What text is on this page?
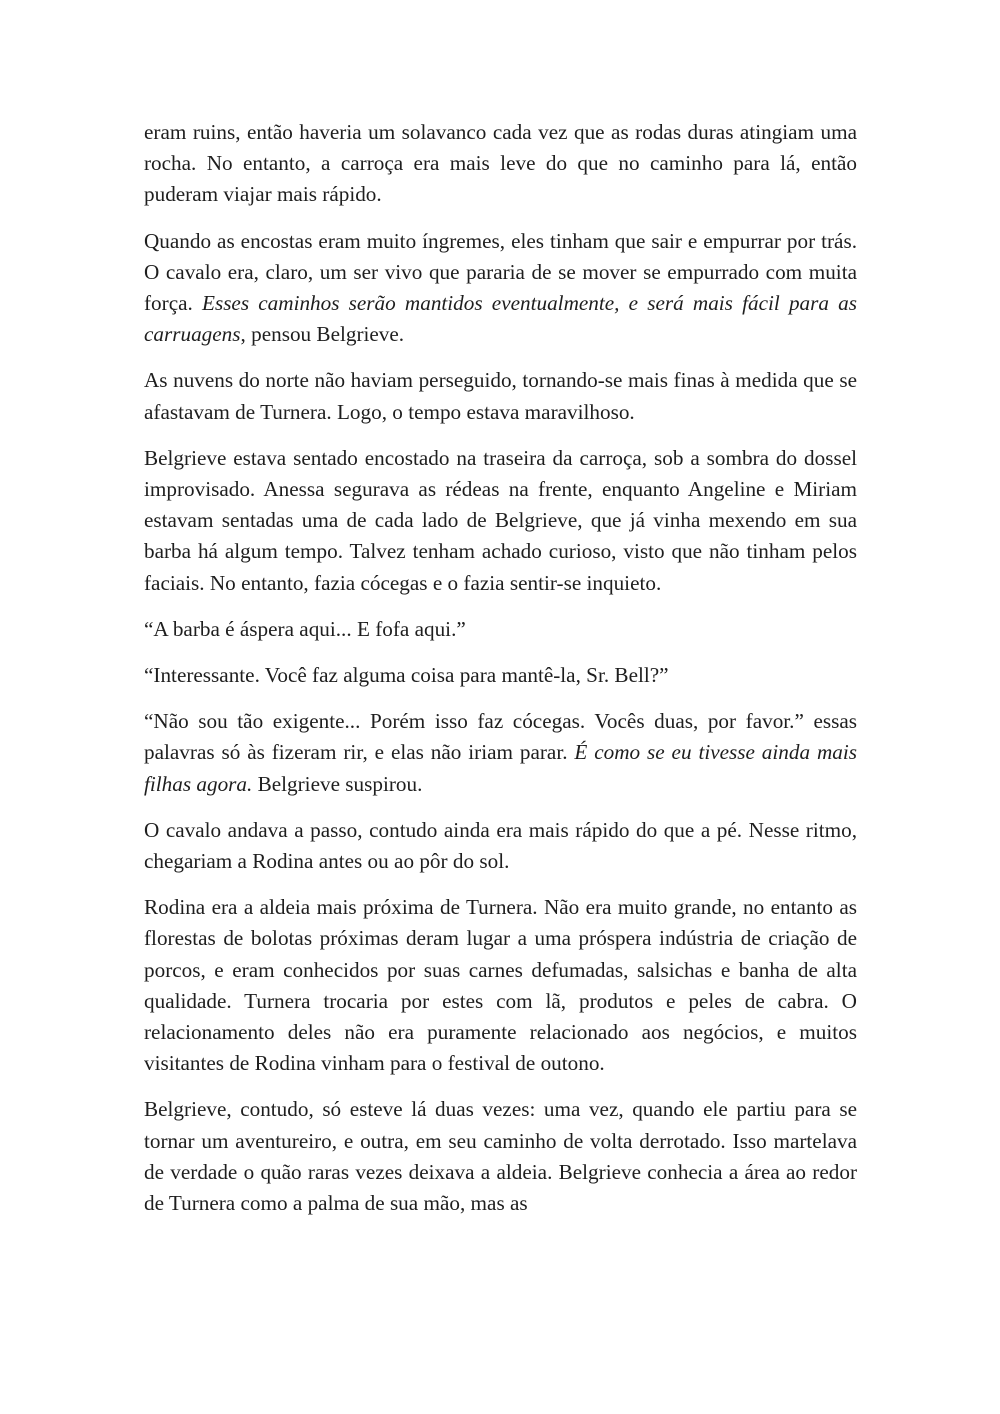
eram ruins, então haveria um solavanco cada vez que as rodas duras atingiam uma rocha. No entanto, a carroça era mais leve do que no caminho para lá, então puderam viajar mais rápido.

Quando as encostas eram muito íngremes, eles tinham que sair e empurrar por trás. O cavalo era, claro, um ser vivo que pararia de se mover se empurrado com muita força. Esses caminhos serão mantidos eventualmente, e será mais fácil para as carruagens, pensou Belgrieve.

As nuvens do norte não haviam perseguido, tornando-se mais finas à medida que se afastavam de Turnera. Logo, o tempo estava maravilhoso.

Belgrieve estava sentado encostado na traseira da carroça, sob a sombra do dossel improvisado. Anessa segurava as rédeas na frente, enquanto Angeline e Miriam estavam sentadas uma de cada lado de Belgrieve, que já vinha mexendo em sua barba há algum tempo. Talvez tenham achado curioso, visto que não tinham pelos faciais. No entanto, fazia cócegas e o fazia sentir-se inquieto.

“A barba é áspera aqui... E fofa aqui.”

“Interessante. Você faz alguma coisa para mantê-la, Sr. Bell?”

“Não sou tão exigente... Porém isso faz cócegas. Vocês duas, por favor.” essas palavras só às fizeram rir, e elas não iriam parar. É como se eu tivesse ainda mais filhas agora. Belgrieve suspirou.

O cavalo andava a passo, contudo ainda era mais rápido do que a pé. Nesse ritmo, chegariam a Rodina antes ou ao pôr do sol.

Rodina era a aldeia mais próxima de Turnera. Não era muito grande, no entanto as florestas de bolotas próximas deram lugar a uma próspera indústria de criação de porcos, e eram conhecidos por suas carnes defumadas, salsichas e banha de alta qualidade. Turnera trocaria por estes com lã, produtos e peles de cabra. O relacionamento deles não era puramente relacionado aos negócios, e muitos visitantes de Rodina vinham para o festival de outono.

Belgrieve, contudo, só esteve lá duas vezes: uma vez, quando ele partiu para se tornar um aventureiro, e outra, em seu caminho de volta derrotado. Isso martelava de verdade o quão raras vezes deixava a aldeia. Belgrieve conhecia a área ao redor de Turnera como a palma de sua mão, mas as
